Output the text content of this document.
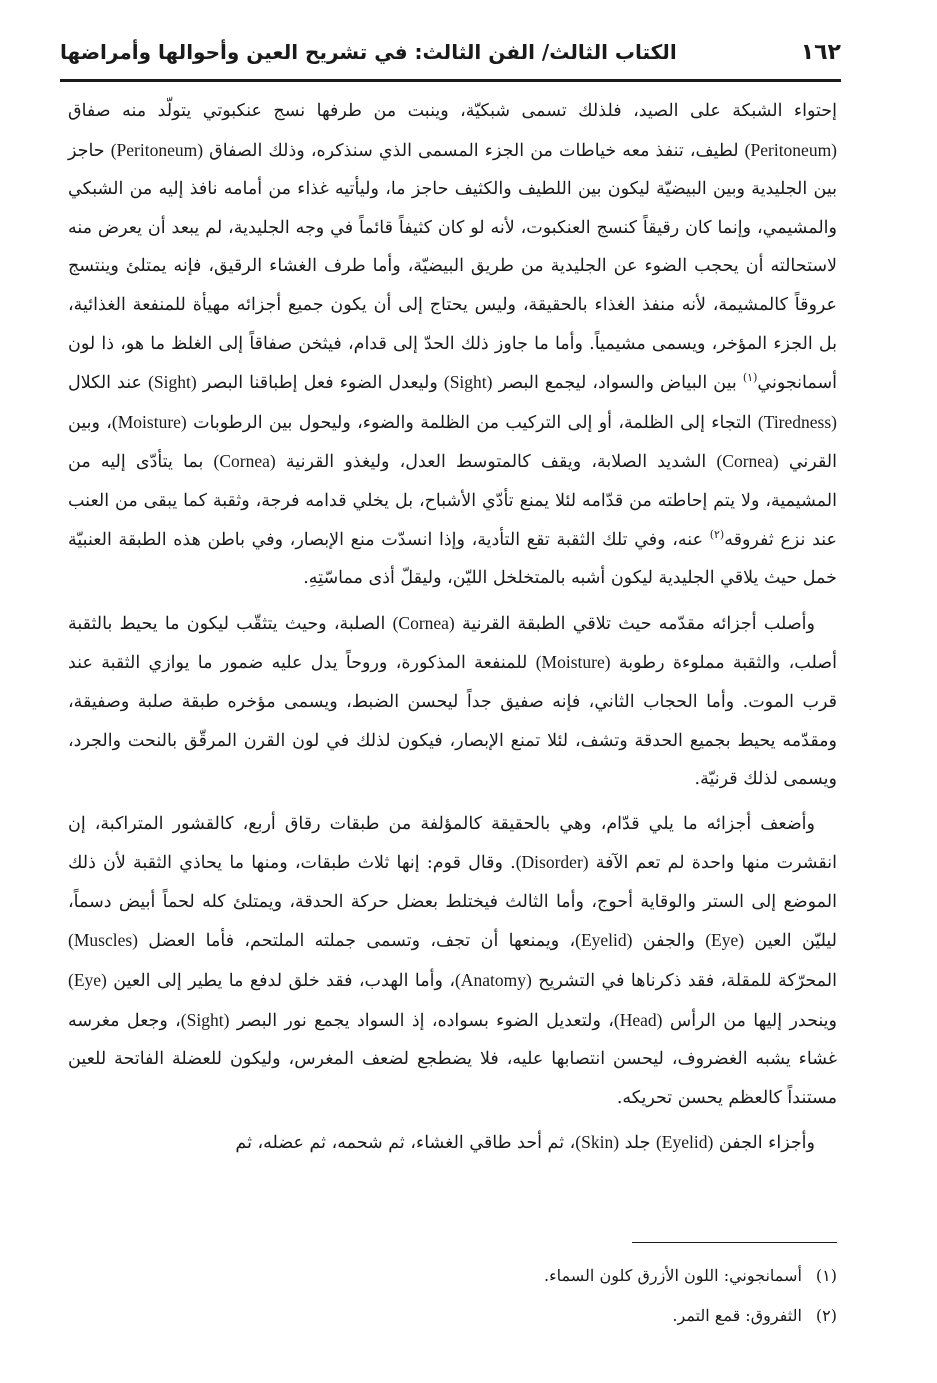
١٦٢
الكتاب الثالث/ الفن الثالث: في تشريح العين وأحوالها وأمراضها

إحتواء الشبكة على الصيد، فلذلك تسمى شبكيّة، وينبت من طرفها نسج عنكبوتي يتولّد منه صفاق (Peritoneum) لطيف، تنفذ معه خياطات من الجزء المسمى الذي سنذكره، وذلك الصفاق (Peritoneum) حاجز بين الجليدية وبين البيضيّة ليكون بين اللطيف والكثيف حاجز ما، وليأتيه غذاء من أمامه نافذ إليه من الشبكي والمشيمي، وإنما كان رقيقاً كنسج العنكبوت، لأنه لو كان كثيفاً قائماً في وجه الجليدية، لم يبعد أن يعرض منه لاستحالته أن يحجب الضوء عن الجليدية من طريق البيضيّة، وأما طرف الغشاء الرقيق، فإنه يمتلئ وينتسج عروقاً كالمشيمة، لأنه منفذ الغذاء بالحقيقة، وليس يحتاج إلى أن يكون جميع أجزائه مهيأة للمنفعة الغذائية، بل الجزء المؤخر، ويسمى مشيمياً. وأما ما جاوز ذلك الحدّ إلى قدام، فيثخن صفاقاً إلى الغلظ ما هو، ذا لون أسمانجوني$^{(١)}$ بين البياض والسواد، ليجمع البصر (Sight) وليعدل الضوء فعل إطباقنا البصر (Sight) عند الكلال (Tiredness) التجاء إلى الظلمة، أو إلى التركيب من الظلمة والضوء، وليحول بين الرطوبات (Moisture)، وبين القرني (Cornea) الشديد الصلابة، ويقف كالمتوسط العدل، وليغذو القرنية (Cornea) بما يتأدّى إليه من المشيمية، ولا يتم إحاطته من قدّامه لئلا يمنع تأدّي الأشباح، بل يخلي قدامه فرجة، وثقبة كما يبقى من العنب عند نزع ثفروقه$^{(٢)}$ عنه، وفي تلك الثقبة تقع التأدية، وإذا انسدّت منع الإبصار، وفي باطن هذه الطبقة العنبيّة خمل حيث يلاقي الجليدية ليكون أشبه بالمتخلخل الليّن، وليقلّ أذى مماسّتِهِ.

وأصلب أجزائه مقدّمه حيث تلاقي الطبقة القرنية (Cornea) الصلبة، وحيث يتثقّب ليكون ما يحيط بالثقبة أصلب، والثقبة مملوءة رطوبة (Moisture) للمنفعة المذكورة، وروحاً يدل عليه ضمور ما يوازي الثقبة عند قرب الموت. وأما الحجاب الثاني، فإنه صفيق جداً ليحسن الضبط، ويسمى مؤخره طبقة صلبة وصفيقة، ومقدّمه يحيط بجميع الحدقة وتشف، لئلا تمنع الإبصار، فيكون لذلك في لون القرن المرقّق بالنحت والجرد، ويسمى لذلك قرنيّة.

وأضعف أجزائه ما يلي قدّام، وهي بالحقيقة كالمؤلفة من طبقات رقاق أربع، كالقشور المتراكبة، إن انقشرت منها واحدة لم تعم الآفة (Disorder). وقال قوم: إنها ثلاث طبقات، ومنها ما يحاذي الثقبة لأن ذلك الموضع إلى الستر والوقاية أحوج، وأما الثالث فيختلط بعضل حركة الحدقة، ويمتلئ كله لحماً أبيض دسماً، ليليّن العين (Eye) والجفن (Eyelid)، ويمنعها أن تجف، وتسمى جملته الملتحم، فأما العضل (Muscles) المحرّكة للمقلة، فقد ذكرناها في التشريح (Anatomy)، وأما الهدب، فقد خلق لدفع ما يطير إلى العين (Eye) وينحدر إليها من الرأس (Head)، ولتعديل الضوء بسواده، إذ السواد يجمع نور البصر (Sight)، وجعل مغرسه غشاء يشبه الغضروف، ليحسن انتصابها عليه، فلا يضطجع لضعف المغرس، وليكون للعضلة الفاتحة للعين مستنداً كالعظم يحسن تحريكه.

وأجزاء الجفن (Eyelid) جلد (Skin)، ثم أحد طاقي الغشاء، ثم شحمه، ثم عضله، ثم

(١)
أسمانجوني: اللون الأزرق كلون السماء.
(٢)
الثفروق: قمع التمر.
